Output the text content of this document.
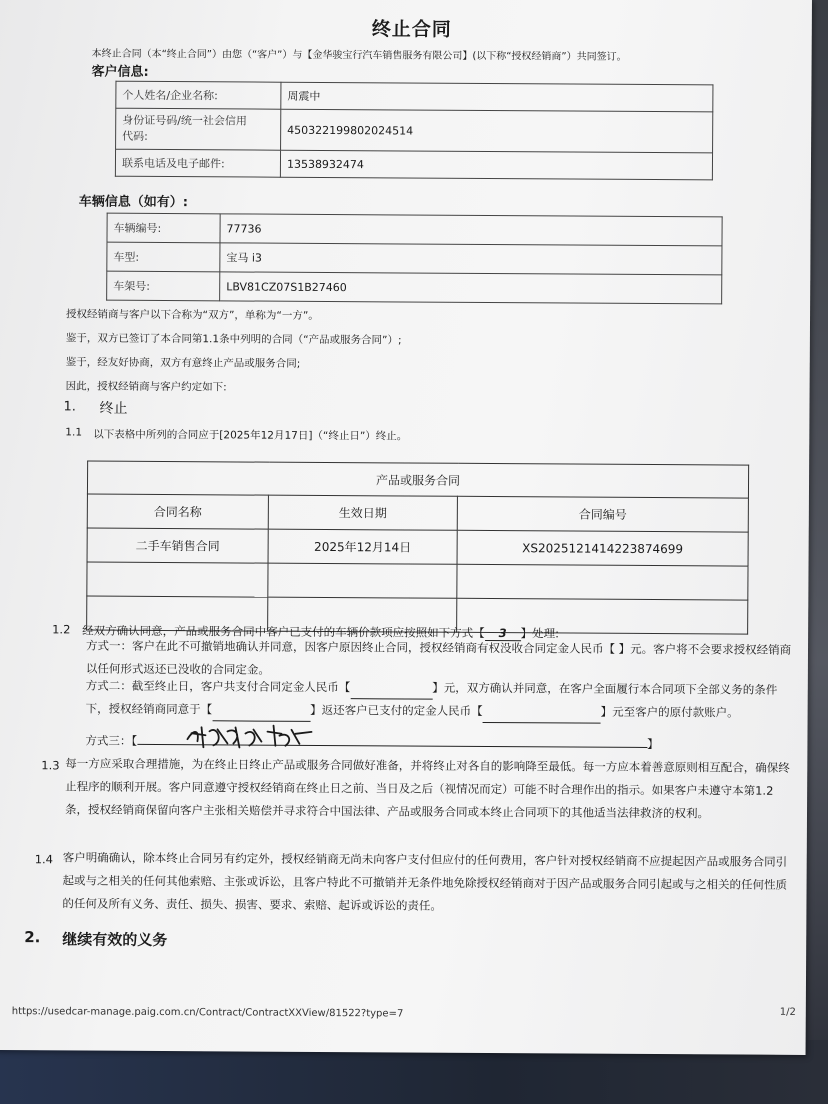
终止合同
本终止合同（本“终止合同”）由您（“客户”）与【金华骏宝行汽车销售服务有限公司】(以下称“授权经销商”）共同签订。
客户信息:
个人姓名/企业名称:	周震中
身份证号码/统一社会信用
代码:	450322199802024514
联系电话及电子邮件:	13538932474
车辆信息（如有）:
车辆编号:	77736
车型:	宝马 i3
车架号:	LBV81CZ07S1B27460
授权经销商与客户以下合称为“双方”，单称为“一方”。
鉴于，双方已签订了本合同第1.1条中列明的合同（“产品或服务合同”）;
鉴于，经友好协商，双方有意终止产品或服务合同;
因此，授权经销商与客户约定如下:
1. 终止
1.1 以下表格中所列的合同应于[2025年12月17日]（“终止日”）终止。
产品或服务合同		
合同名称	生效日期	合同编号
二手车销售合同	2025年12月14日	XS20251214142238746​99

1.2 经双方确认同意，产品或服务合同中客户已支付的车辆价款项应按照如下方式【 3 】处理:
方式一：客户在此不可撤销地确认并同意，因客户原因终止合同，授权经销商有权没收合同定金人民币【 】元。客户将不会要求授权经销商以任何形式返还已没收的合同定金。
方式二：截至终止日，客户共支付合同定金人民币【	】元，双方确认并同意，在客户全面履行本合同项下全部义务的条件下，授权经销商同意于【	】返还客户已支付的定金人民币【	】元至客户的原付款账户。
方式三：【	】
1.3 每一方应采取合理措施，为在终止日终止产品或服务合同做好准备，并将终止对各自的影响降至最低。每一方应本着善意原则相互配合，确保终止程序的顺利开展。客户同意遵守授权经销商在终止日之前、当日及之后（视情况而定）可能不时合理作出的指示。如果客户未遵守本第1.2条，授权经销商保留向客户主张相关赔偿并寻求符合中国法律、产品或服务合同或本终止合同项下的其他适当法律救济的权利。
1.4 客户明确确认，除本终止合同另有约定外，授权经销商无尚未向客户支付但应付的任何费用，客户针对授权经销商不应提起因产品或服务合同引起或与之相关的任何其他索赔、主张或诉讼，且客户特此不可撤销并无条件地免除授权经销商对于因产品或服务合同引起或与之相关的任何性质的任何及所有义务、责任、损失、损害、要求、索赔、起诉或诉讼的责任。
2. 继续有效的义务
https://usedcar-manage.paig.com.cn/Contract/ContractXXView/81522?type=7	1/2
